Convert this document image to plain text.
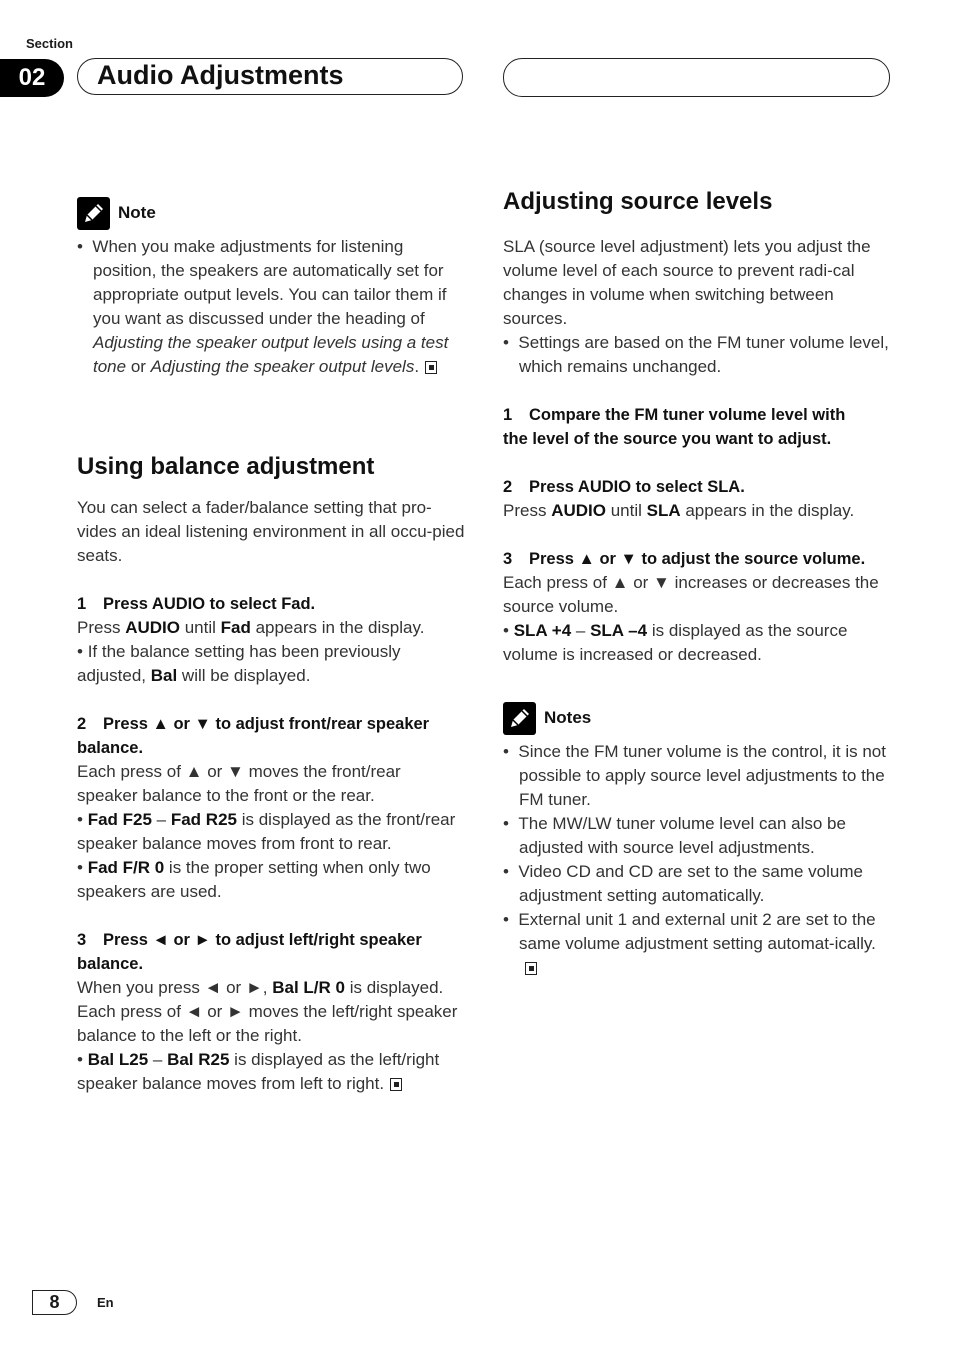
Section
02	Audio Adjustments
Note

•  When you make adjustments for listening position, the speakers are automatically set for appropriate output levels. You can tailor them if you want as discussed under the heading of Adjusting the speaker output levels using a test tone or Adjusting the speaker output levels.

Using balance adjustment

You can select a fader/balance setting that pro-vides an ideal listening environment in all occu-pied seats.

1 Press AUDIO to select Fad.

Press AUDIO until Fad appears in the display.

• If the balance setting has been previously adjusted, Bal will be displayed.

2 Press ▲ or ▼ to adjust front/rear speaker
balance.

Each press of ▲ or ▼ moves the front/rear speaker balance to the front or the rear.

• Fad F25 – Fad R25 is displayed as the front/rear speaker balance moves from front to rear.

• Fad F/R 0 is the proper setting when only two speakers are used.

3 Press ◄ or ► to adjust left/right speaker
balance.

When you press ◄ or ►, Bal L/R 0 is displayed.

Each press of ◄ or ► moves the left/right speaker balance to the left or the right.

• Bal L25 – Bal R25 is displayed as the left/right speaker balance moves from left to right.

Adjusting source levels

SLA (source level adjustment) lets you adjust the volume level of each source to prevent radi-cal changes in volume when switching between sources.

•  Settings are based on the FM tuner volume level, which remains unchanged.

1 Compare the FM tuner volume level with
the level of the source you want to adjust.

2 Press AUDIO to select SLA.

Press AUDIO until SLA appears in the display.

3 Press ▲ or ▼ to adjust the source volume.

Each press of ▲ or ▼ increases or decreases the source volume.

• SLA +4 – SLA –4 is displayed as the source volume is increased or decreased.

Notes

•  Since the FM tuner volume is the control, it is not possible to apply source level adjustments to the FM tuner.

•  The MW/LW tuner volume level can also be adjusted with source level adjustments.

•  Video CD and CD are set to the same volume adjustment setting automatically.

•  External unit 1 and external unit 2 are set to the same volume adjustment setting automat-ically.

8	En
